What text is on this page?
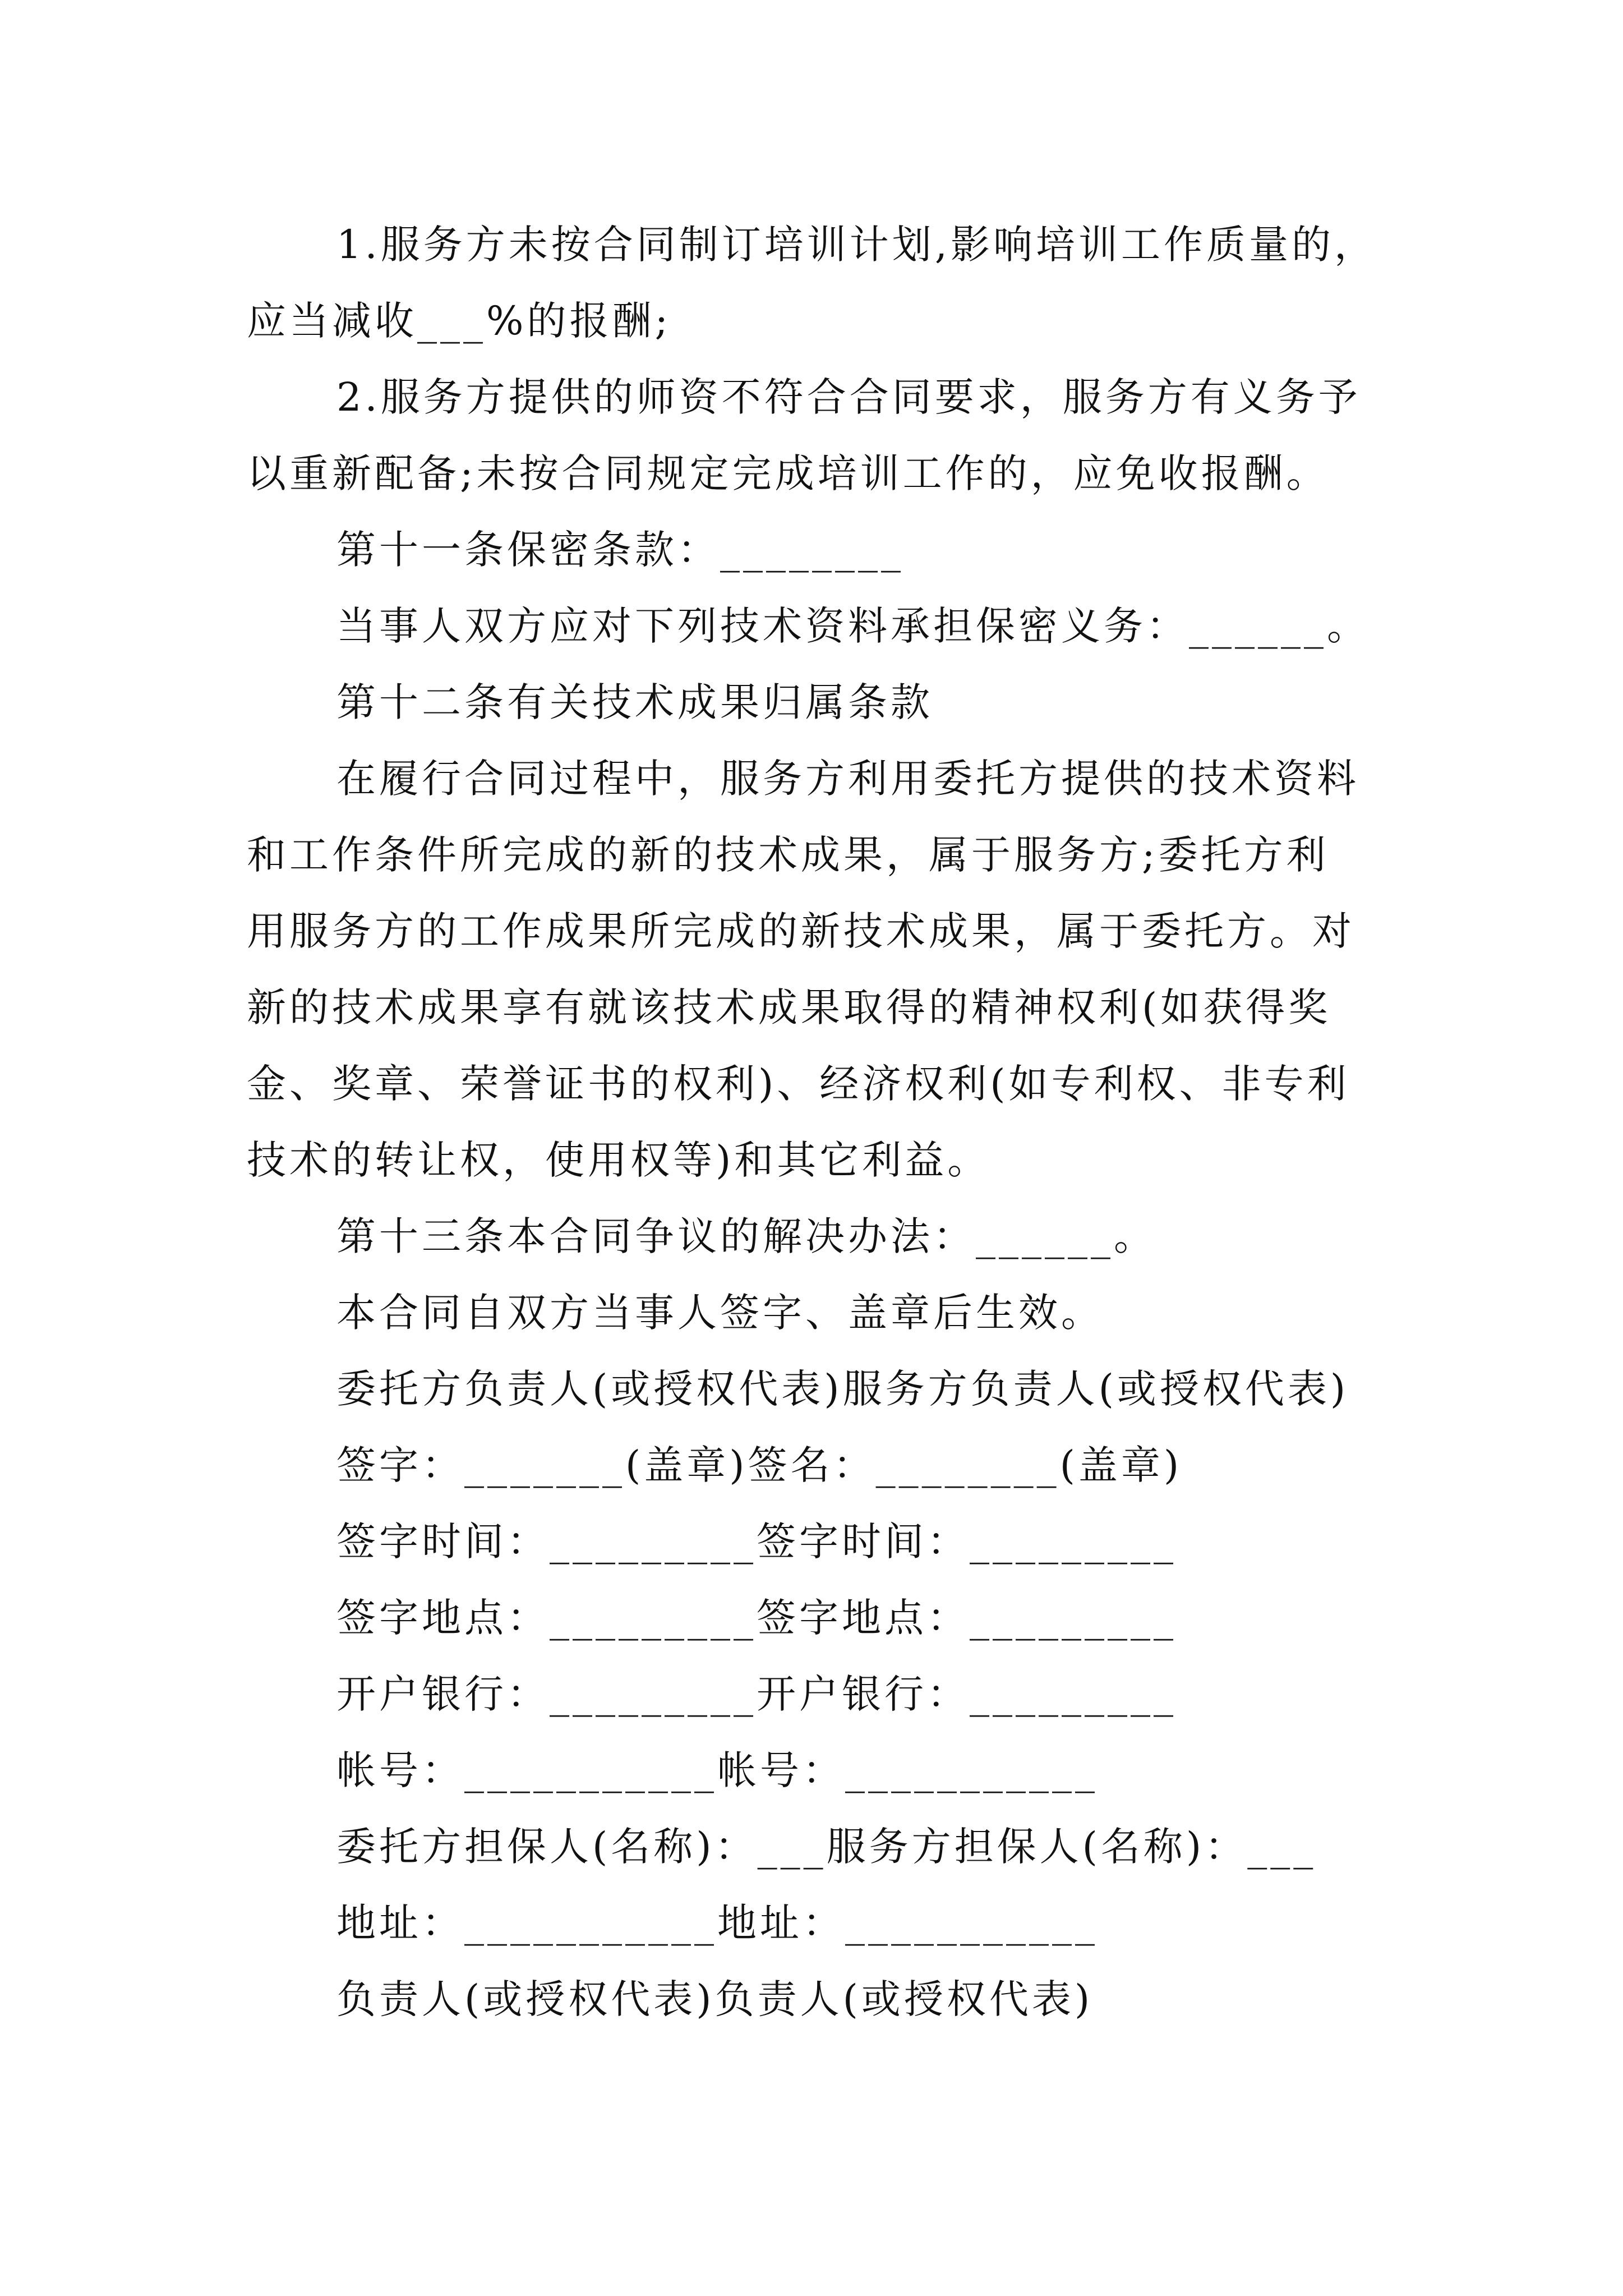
1.服务方未按合同制订培训计划,影响培训工作质量的，
应当减收___%的报酬;
2.服务方提供的师资不符合合同要求，服务方有义务予
以重新配备;未按合同规定完成培训工作的，应免收报酬。
第十一条保密条款：________
当事人双方应对下列技术资料承担保密义务：______。
第十二条有关技术成果归属条款
在履行合同过程中，服务方利用委托方提供的技术资料
和工作条件所完成的新的技术成果，属于服务方;委托方利
用服务方的工作成果所完成的新技术成果，属于委托方。对
新的技术成果享有就该技术成果取得的精神权利(如获得奖
金、奖章、荣誉证书的权利)、经济权利(如专利权、非专利
技术的转让权，使用权等)和其它利益。
第十三条本合同争议的解决办法：______。
本合同自双方当事人签字、盖章后生效。
委托方负责人(或授权代表)服务方负责人(或授权代表)
签字：_______(盖章)签名：________(盖章)
签字时间：_________签字时间：_________
签字地点：_________签字地点：_________
开户银行：_________开户银行：_________
帐号：___________帐号：___________
委托方担保人(名称)：___服务方担保人(名称)：___
地址：___________地址：___________
负责人(或授权代表)负责人(或授权代表)
